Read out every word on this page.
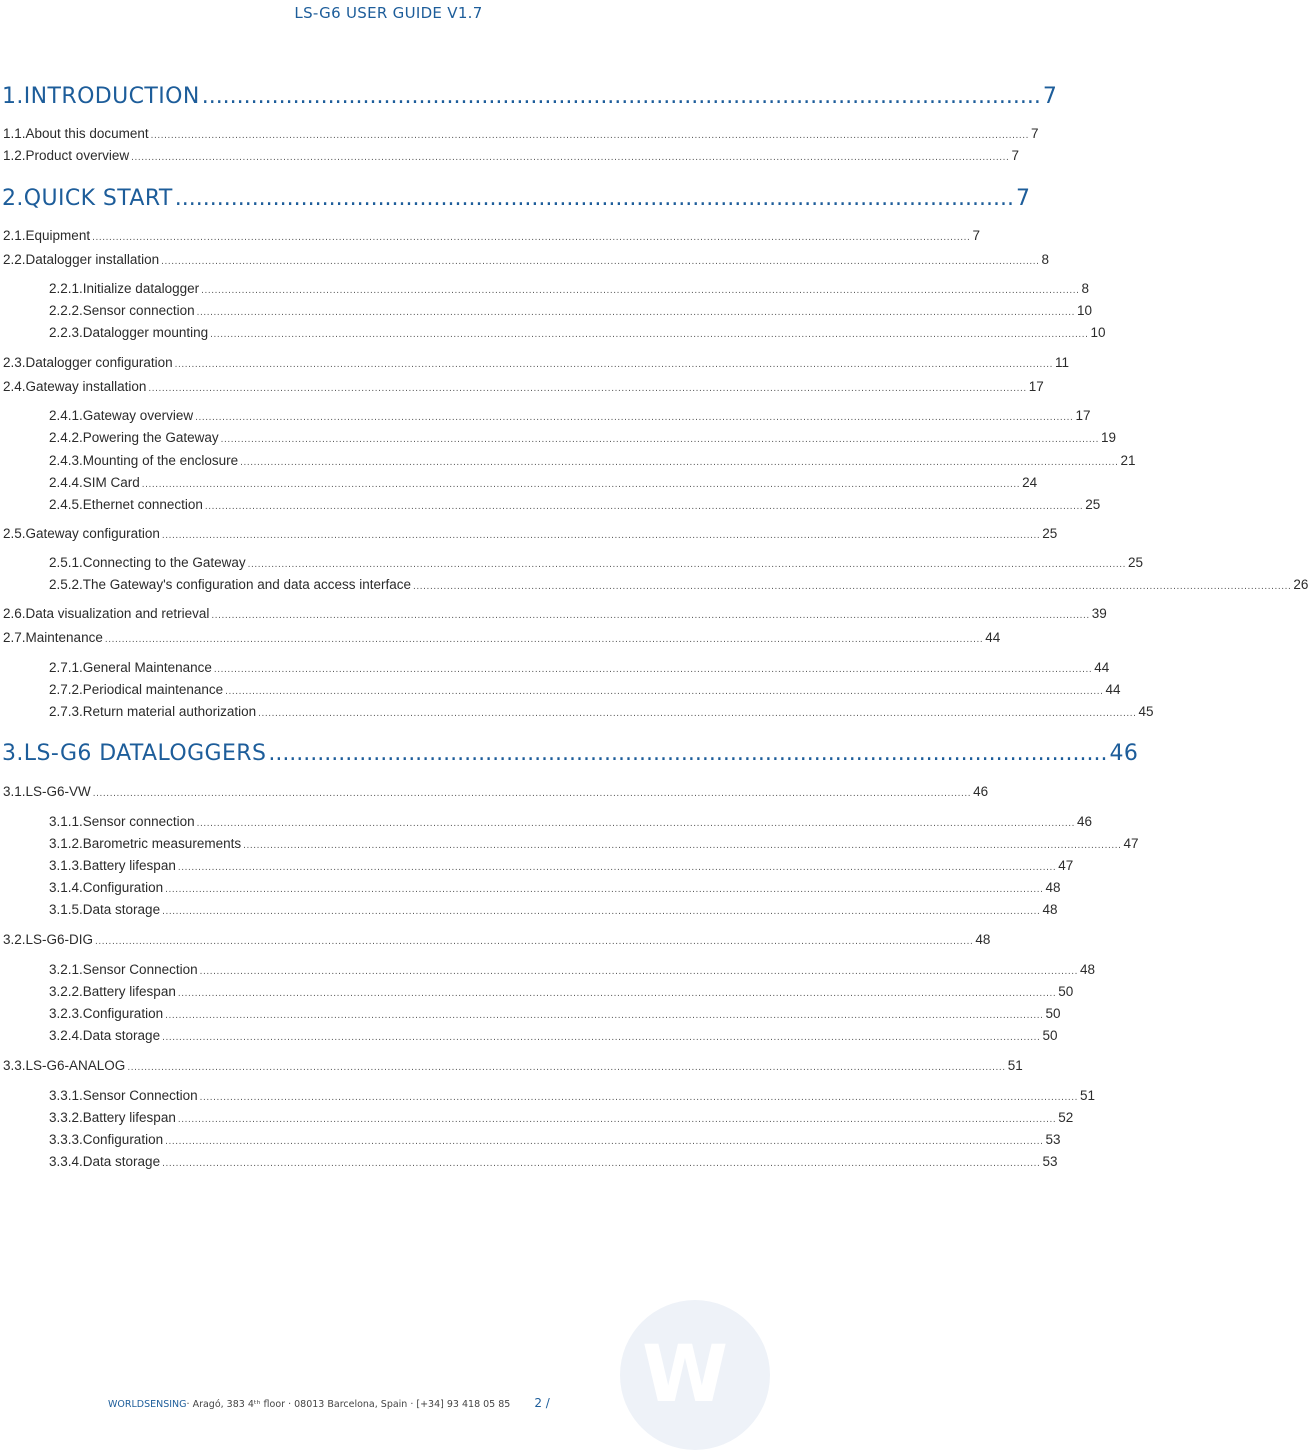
LS-G6 USER GUIDE V1.7
1. INTRODUCTION ........................................................................................................................ 7
1.1. About this document .................................................................................................................................................................................................................................................................... 7
1.2. Product overview .................................................................................................................................................................................................................................................................... 7
2. QUICK START ........................................................................................................................ 7
2.1. Equipment .................................................................................................................................................................................................................................................................... 7
2.2. Datalogger installation .................................................................................................................................................................................................................................................................... 8
2.2.1. Initialize datalogger .................................................................................................................................................................................................................................................................... 8
2.2.2. Sensor connection .................................................................................................................................................................................................................................................................... 10
2.2.3. Datalogger mounting .................................................................................................................................................................................................................................................................... 10
2.3. Datalogger configuration .................................................................................................................................................................................................................................................................... 11
2.4. Gateway installation .................................................................................................................................................................................................................................................................... 17
2.4.1. Gateway overview .................................................................................................................................................................................................................................................................... 17
2.4.2. Powering the Gateway .................................................................................................................................................................................................................................................................... 19
2.4.3. Mounting of the enclosure .................................................................................................................................................................................................................................................................... 21
2.4.4. SIM Card .................................................................................................................................................................................................................................................................... 24
2.4.5. Ethernet connection .................................................................................................................................................................................................................................................................... 25
2.5. Gateway configuration .................................................................................................................................................................................................................................................................... 25
2.5.1. Connecting to the Gateway .................................................................................................................................................................................................................................................................... 25
2.5.2. The Gateway's configuration and data access interface .................................................................................................................................................................................................................................................................... 26
2.6. Data visualization and retrieval .................................................................................................................................................................................................................................................................... 39
2.7. Maintenance .................................................................................................................................................................................................................................................................... 44
2.7.1. General Maintenance .................................................................................................................................................................................................................................................................... 44
2.7.2. Periodical maintenance .................................................................................................................................................................................................................................................................... 44
2.7.3. Return material authorization .................................................................................................................................................................................................................................................................... 45
3. LS-G6 DATALOGGERS ........................................................................................................................ 46
3.1. LS-G6-VW .................................................................................................................................................................................................................................................................... 46
3.1.1. Sensor connection .................................................................................................................................................................................................................................................................... 46
3.1.2. Barometric measurements .................................................................................................................................................................................................................................................................... 47
3.1.3. Battery lifespan .................................................................................................................................................................................................................................................................... 47
3.1.4. Configuration .................................................................................................................................................................................................................................................................... 48
3.1.5. Data storage .................................................................................................................................................................................................................................................................... 48
3.2. LS-G6-DIG .................................................................................................................................................................................................................................................................... 48
3.2.1. Sensor Connection .................................................................................................................................................................................................................................................................... 48
3.2.2. Battery lifespan .................................................................................................................................................................................................................................................................... 50
3.2.3. Configuration .................................................................................................................................................................................................................................................................... 50
3.2.4. Data storage .................................................................................................................................................................................................................................................................... 50
3.3. LS-G6-ANALOG .................................................................................................................................................................................................................................................................... 51
3.3.1. Sensor Connection .................................................................................................................................................................................................................................................................... 51
3.3.2. Battery lifespan .................................................................................................................................................................................................................................................................... 52
3.3.3. Configuration .................................................................................................................................................................................................................................................................... 53
3.3.4. Data storage .................................................................................................................................................................................................................................................................... 53
W
WORLDSENSING· Aragó, 383 4ᵗʰ floor · 08013 Barcelona, Spain · [+34] 93 418 05 85 2 /
